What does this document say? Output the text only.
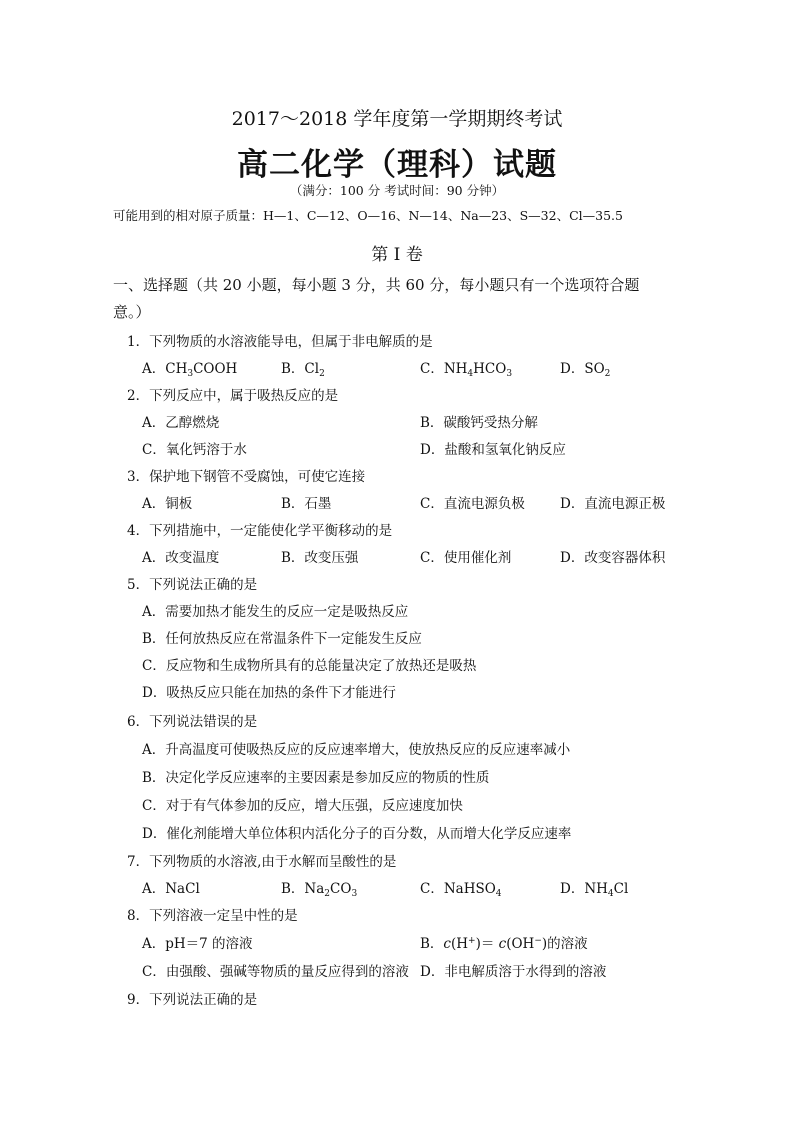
2017～2018 学年度第一学期期终考试
高二化学（理科）试题
（满分：100 分 考试时间：90 分钟）
可能用到的相对原子质量：H—1、C—12、O—16、N—14、Na—23、S—32、Cl—35.5
第 I 卷
一、选择题（共 20 小题，每小题 3 分，共 60 分，每小题只有一个选项符合题
意。）
1．下列物质的水溶液能导电，但属于非电解质的是
A．$CH_3COOH$	B．$Cl_2$	C．$NH_4HCO_3$	D．$SO_2$
2．下列反应中，属于吸热反应的是
A．乙醇燃烧	B．碳酸钙受热分解
C．氧化钙溶于水	D．盐酸和氢氧化钠反应
3．保护地下钢管不受腐蚀，可使它连接
A．铜板	B．石墨	C．直流电源负极	D．直流电源正极
4．下列措施中，一定能使化学平衡移动的是
A．改变温度	B．改变压强	C．使用催化剂	D．改变容器体积
5．下列说法正确的是
A．需要加热才能发生的反应一定是吸热反应
B．任何放热反应在常温条件下一定能发生反应
C．反应物和生成物所具有的总能量决定了放热还是吸热
D．吸热反应只能在加热的条件下才能进行
6．下列说法错误的是
A．升高温度可使吸热反应的反应速率增大，使放热反应的反应速率减小
B．决定化学反应速率的主要因素是参加反应的物质的性质
C．对于有气体参加的反应，增大压强，反应速度加快
D．催化剂能增大单位体积内活化分子的百分数，从而增大化学反应速率
7．下列物质的水溶液,由于水解而呈酸性的是
A．NaCl	B．$Na_2CO_3$	C．NaHSO$_4$	D．$NH_4Cl$
8．下列溶液一定呈中性的是
A．pH＝7 的溶液	B．c(H+)＝ c(OH−)的溶液
C．由强酸、强碱等物质的量反应得到的溶液 D．非电解质溶于水得到的溶液
9．下列说法正确的是
